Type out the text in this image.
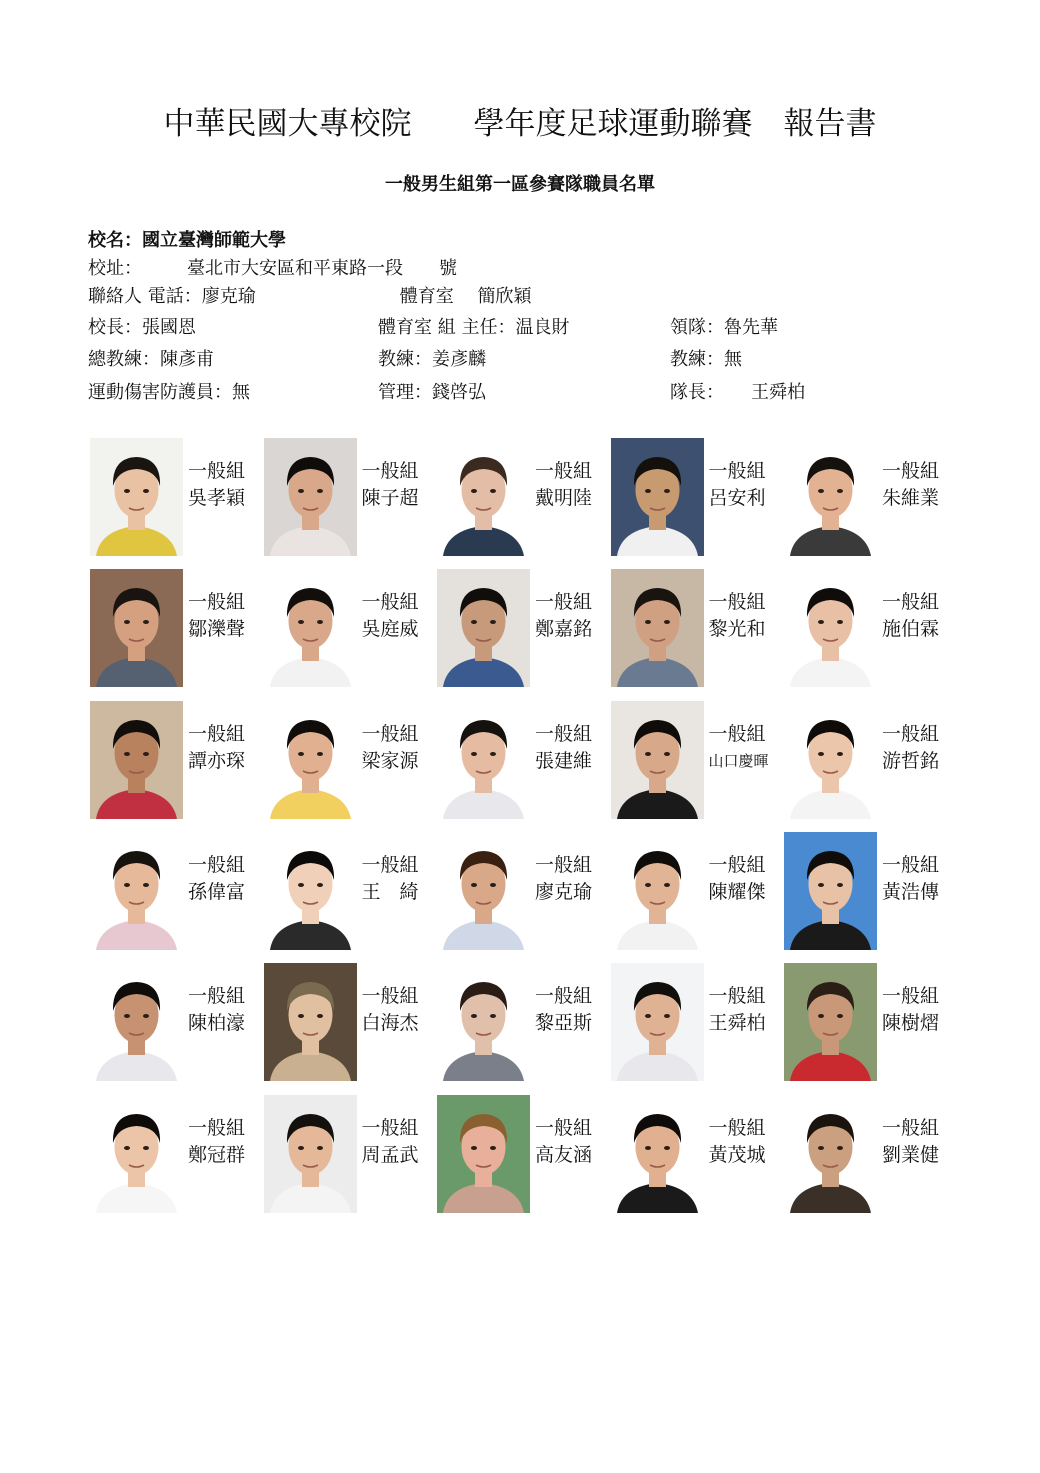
中華民國大專校院　　學年度足球運動聯賽　報告書
一般男生組第一區參賽隊職員名單
校名：國立臺灣師範大學
校址：　　　臺北市大安區和平東路一段　　號
聯絡人 電話：廖克瑜　　　　　　　　體育室　 簡欣穎
校長：張國恩	體育室 組 主任：温良財	領隊：魯先華
總教練：陳彥甫	教練：姜彥麟	教練：無
運動傷害防護員：無	管理：錢啓弘	隊長：　　王舜柏
一般組
吳孝穎
一般組
陳子超
一般組
戴明陸
一般組
呂安利
一般組
朱維業
一般組
鄒濼聲
一般組
吳庭威
一般組
鄭嘉銘
一般組
黎光和
一般組
施伯霖
一般組
譚亦琛
一般組
梁家源
一般組
張建維
一般組
山口慶暉
一般組
游哲銘
一般組
孫偉富
一般組
王　綺
一般組
廖克瑜
一般組
陳耀傑
一般組
黃浩傳
一般組
陳柏濠
一般組
白海杰
一般組
黎亞斯
一般組
王舜柏
一般組
陳樹熠
一般組
鄭冠群
一般組
周孟武
一般組
高友涵
一般組
黃茂城
一般組
劉業健
